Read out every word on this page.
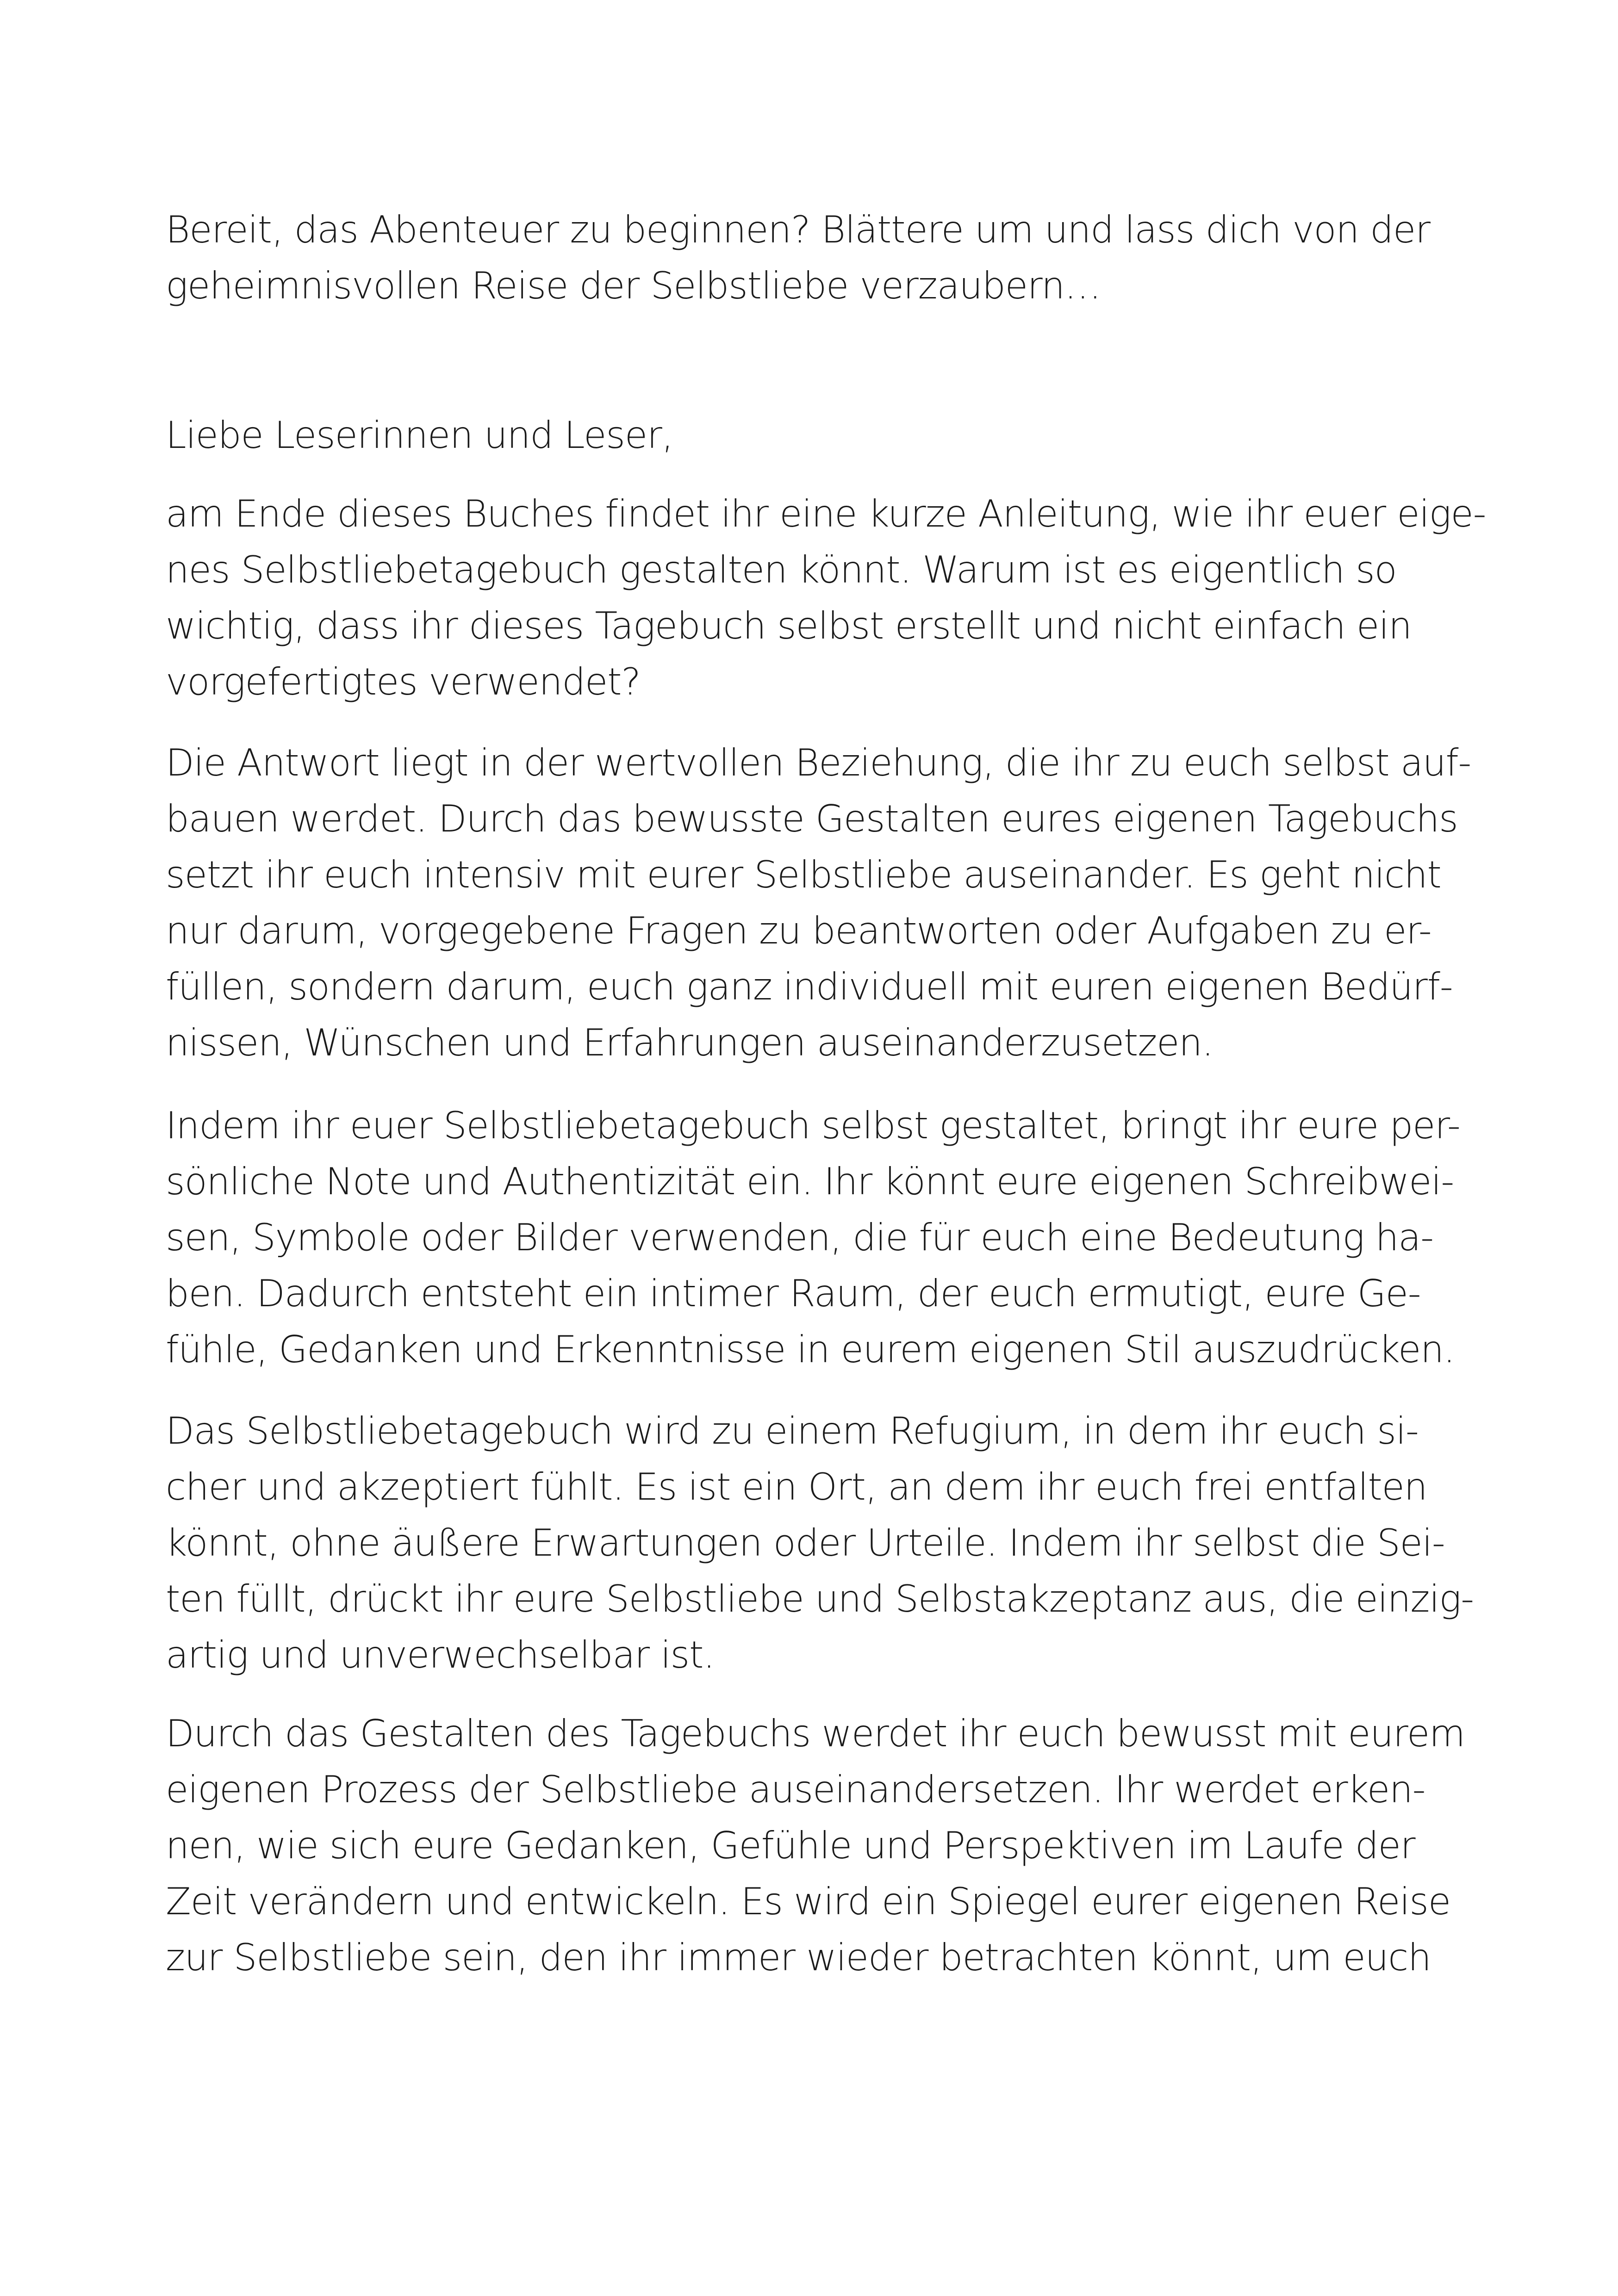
Bereit, das Abenteuer zu beginnen? Blättere um und lass dich von der
geheimnisvollen Reise der Selbstliebe verzaubern…
Liebe Leserinnen und Leser,
am Ende dieses Buches findet ihr eine kurze Anleitung, wie ihr euer eige-
nes Selbstliebetagebuch gestalten könnt. Warum ist es eigentlich so
wichtig, dass ihr dieses Tagebuch selbst erstellt und nicht einfach ein
vorgefertigtes verwendet?
Die Antwort liegt in der wertvollen Beziehung, die ihr zu euch selbst auf-
bauen werdet. Durch das bewusste Gestalten eures eigenen Tagebuchs
setzt ihr euch intensiv mit eurer Selbstliebe auseinander. Es geht nicht
nur darum, vorgegebene Fragen zu beantworten oder Aufgaben zu er-
füllen, sondern darum, euch ganz individuell mit euren eigenen Bedürf-
nissen, Wünschen und Erfahrungen auseinanderzusetzen.
Indem ihr euer Selbstliebetagebuch selbst gestaltet, bringt ihr eure per-
sönliche Note und Authentizität ein. Ihr könnt eure eigenen Schreibwei-
sen, Symbole oder Bilder verwenden, die für euch eine Bedeutung ha-
ben. Dadurch entsteht ein intimer Raum, der euch ermutigt, eure Ge-
fühle, Gedanken und Erkenntnisse in eurem eigenen Stil auszudrücken.
Das Selbstliebetagebuch wird zu einem Refugium, in dem ihr euch si-
cher und akzeptiert fühlt. Es ist ein Ort, an dem ihr euch frei entfalten
könnt, ohne äußere Erwartungen oder Urteile. Indem ihr selbst die Sei-
ten füllt, drückt ihr eure Selbstliebe und Selbstakzeptanz aus, die einzig-
artig und unverwechselbar ist.
Durch das Gestalten des Tagebuchs werdet ihr euch bewusst mit eurem
eigenen Prozess der Selbstliebe auseinandersetzen. Ihr werdet erken-
nen, wie sich eure Gedanken, Gefühle und Perspektiven im Laufe der
Zeit verändern und entwickeln. Es wird ein Spiegel eurer eigenen Reise
zur Selbstliebe sein, den ihr immer wieder betrachten könnt, um euch
